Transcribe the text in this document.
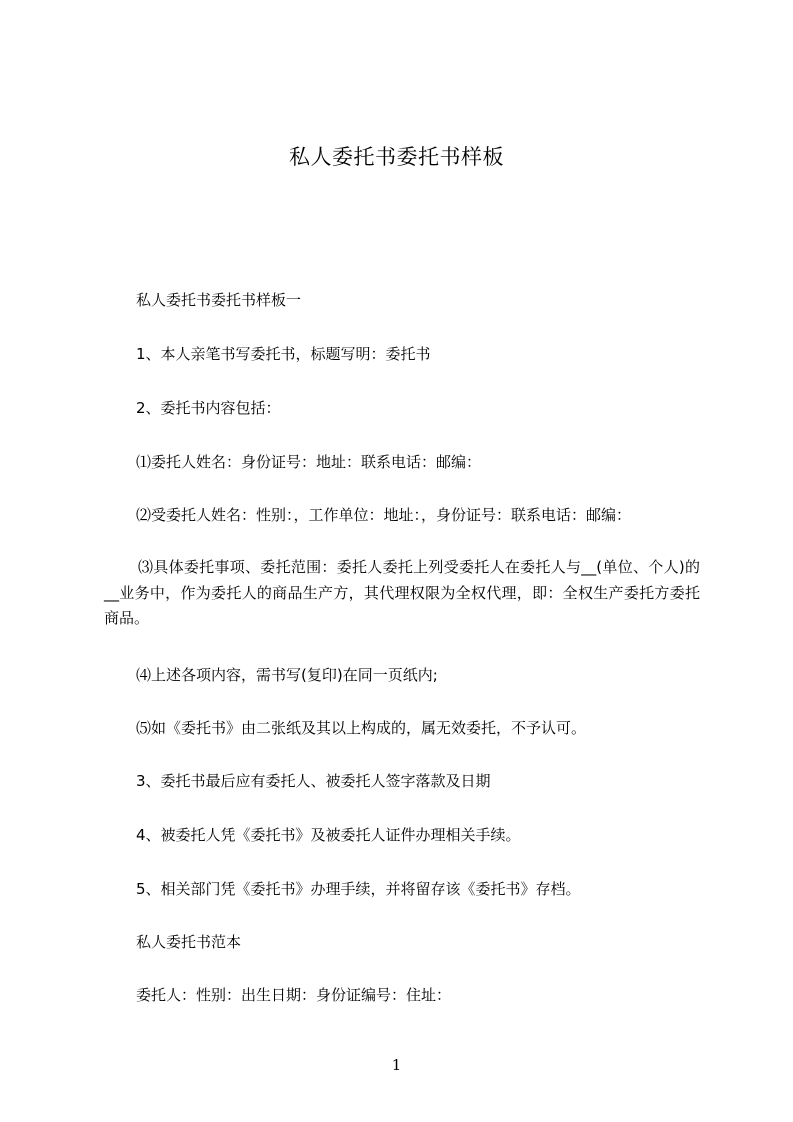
私人委托书委托书样板
私人委托书委托书样板一
1、本人亲笔书写委托书，标题写明：委托书
2、委托书内容包括：
⑴委托人姓名：身份证号：地址：联系电话：邮编：
⑵受委托人姓名：性别：，工作单位：地址：，身份证号：联系电话：邮编：
⑶具体委托事项、委托范围：委托人委托上列受委托人在委托人与__(单位、个人)的__业务中，作为委托人的商品生产方，其代理权限为全权代理，即：全权生产委托方委托商品。
⑷上述各项内容，需书写(复印)在同一页纸内;
⑸如《委托书》由二张纸及其以上构成的，属无效委托，不予认可。
3、委托书最后应有委托人、被委托人签字落款及日期
4、被委托人凭《委托书》及被委托人证件办理相关手续。
5、相关部门凭《委托书》办理手续，并将留存该《委托书》存档。
私人委托书范本
委托人：性别：出生日期：身份证编号：住址：
1
